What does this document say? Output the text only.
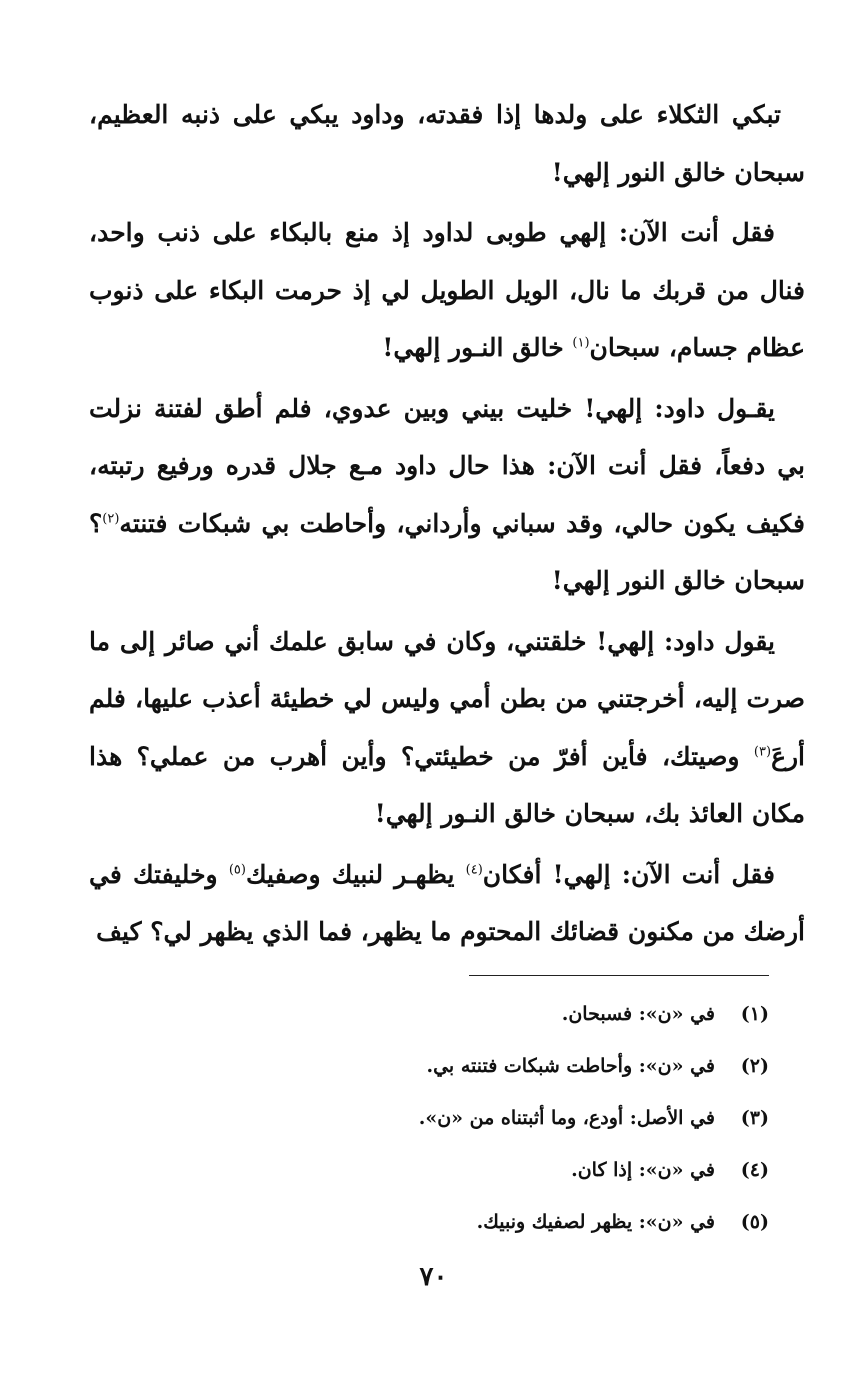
تبكي الثكلاء على ولدها إذا فقدته، وداود يبكي على ذنبه العظيم، سبحان خالق النور إلهي!

فقل أنت الآن: إلهي طوبى لداود إذ منع بالبكاء على ذنب واحد، فنال من قربك ما نال، الويل الطويل لي إذ حرمت البكاء على ذنوب عظام جسام، سبحان$^{(١)}$ خالق النـور إلهي!

يقـول داود: إلهي! خليت بيني وبين عدوي، فلم أطق لفتنة نزلت بي دفعاً، فقل أنت الآن: هذا حال داود مـع جلال قدره ورفيع رتبته، فكيف يكون حالي، وقد سباني وأرداني، وأحاطت بي شبكات فتنته$^{(٢)}$؟ سبحان خالق النور إلهي!

يقول داود: إلهي! خلقتني، وكان في سابق علمك أني صائر إلى ما صرت إليه، أخرجتني من بطن أمي وليس لي خطيئة أعذب عليها، فلم أرعَ$^{(٣)}$ وصيتك، فأين أفرّ من خطيئتي؟ وأين أهرب من عملي؟ هذا مكان العائذ بك، سبحان خالق النـور إلهي!

فقل أنت الآن: إلهي! أفكان$^{(٤)}$ يظهـر لنبيك وصفيك$^{(٥)}$ وخليفتك في أرضك من مكنون قضائك المحتوم ما يظهر، فما الذي يظهر لي؟ كيف

(١)في «ن»: فسبحان.
(٢)في «ن»: وأحاطت شبكات فتنته بي.
(٣)في الأصل: أودع، وما أثبتناه من «ن».
(٤)في «ن»: إذا كان.
(٥)في «ن»: يظهر لصفيك ونبيك.
٧٠
